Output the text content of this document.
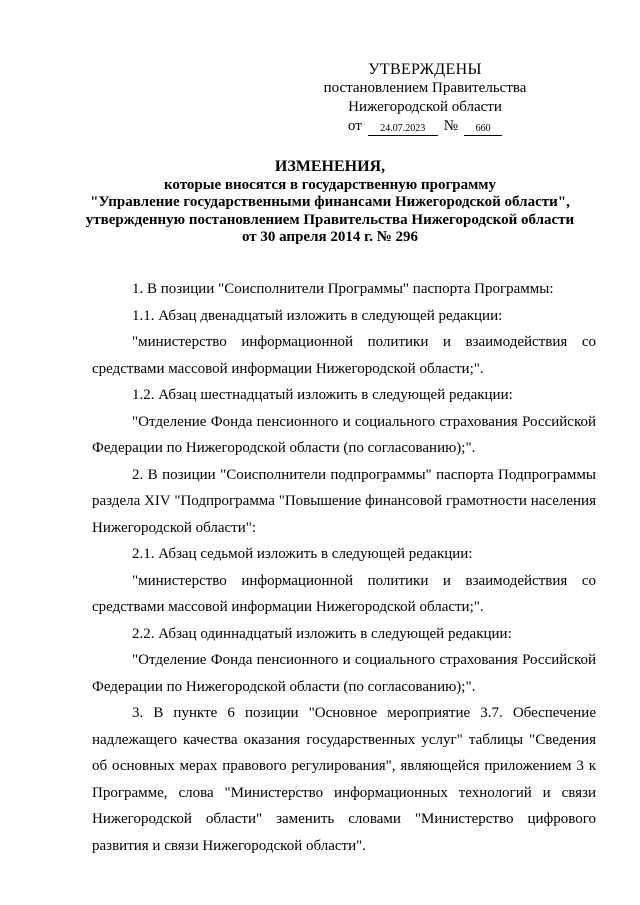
УТВЕРЖДЕНЫ
постановлением Правительства
Нижегородской области
от	24.07.2023	№	660
ИЗМЕНЕНИЯ,
которые вносятся в государственную программу
"Управление государственными финансами Нижегородской области",
утвержденную постановлением Правительства Нижегородской области
от 30 апреля 2014 г. № 296

1. В позиции "Соисполнители Программы" паспорта Программы:

1.1. Абзац двенадцатый изложить в следующей редакции:

"министерство информационной политики и взаимодействия со средствами массовой информации Нижегородской области;".

1.2. Абзац шестнадцатый изложить в следующей редакции:

"Отделение Фонда пенсионного и социального страхования Российской Федерации по Нижегородской области (по согласованию);".

2. В позиции "Соисполнители подпрограммы" паспорта Подпрограммы раздела XIV "Подпрограмма "Повышение финансовой грамотности населения Нижегородской области":

2.1. Абзац седьмой изложить в следующей редакции:

"министерство информационной политики и взаимодействия со средствами массовой информации Нижегородской области;".

2.2. Абзац одиннадцатый изложить в следующей редакции:

"Отделение Фонда пенсионного и социального страхования Российской Федерации по Нижегородской области (по согласованию);".

3. В пункте 6 позиции "Основное мероприятие 3.7. Обеспечение надлежащего качества оказания государственных услуг" таблицы "Сведения об основных мерах правового регулирования", являющейся приложением 3 к Программе, слова "Министерство информационных технологий и связи Нижегородской области" заменить словами "Министерство цифрового развития и связи Нижегородской области".
